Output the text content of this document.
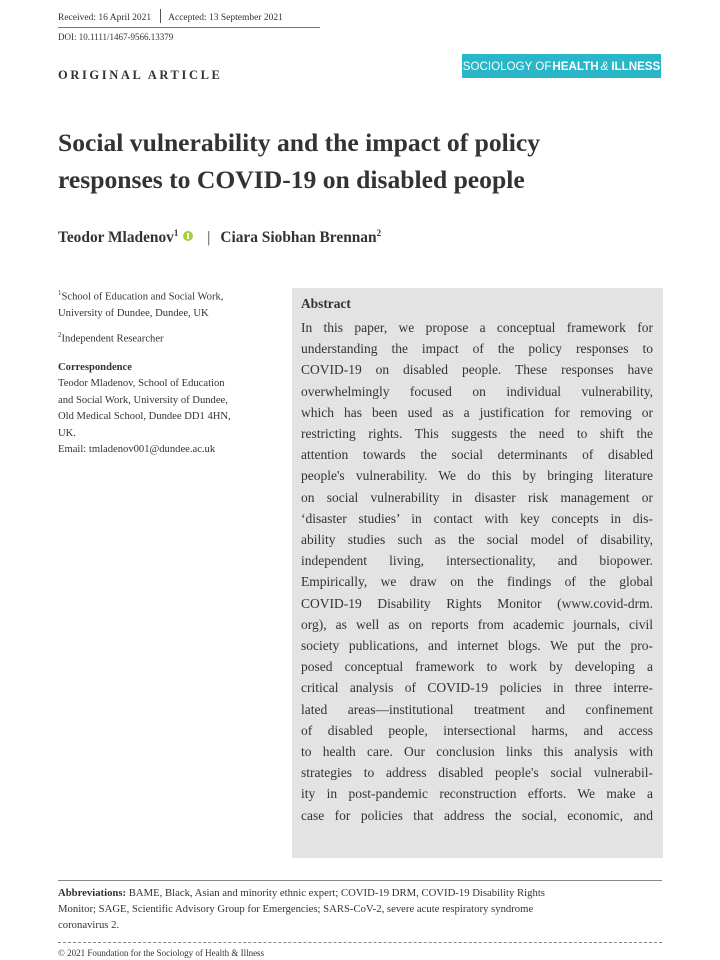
Received: 16 April 2021 Accepted: 13 September 2021
DOI: 10.1111/1467-9566.13379
ORIGINAL ARTICLE
SOCIOLOGY OF HEALTH & ILLNESS
Social vulnerability and the impact of policy
responses to COVID-19 on disabled people
Teodor Mladenov$^1$ | Ciara Siobhan Brennan$^2$

$^1$School of Education and Social Work,

University of Dundee, Dundee, UK

$^2$Independent Researcher

Correspondence

Teodor Mladenov, School of Education

and Social Work, University of Dundee,

Old Medical School, Dundee DD1 4HN,

UK.

Email: tmladenov001@dundee.ac.uk

Abstract
In this paper, we propose a conceptual framework for
understanding the impact of the policy responses to
COVID-19 on disabled people. These responses have
overwhelmingly focused on individual vulnerability,
which has been used as a justification for removing or
restricting rights. This suggests the need to shift the
attention towards the social determinants of disabled
people's vulnerability. We do this by bringing literature
on social vulnerability in disaster risk management or
‘disaster studies’ in contact with key concepts in dis-
ability studies such as the social model of disability,
independent living, intersectionality, and biopower.
Empirically, we draw on the findings of the global
COVID-19 Disability Rights Monitor (www.covid-drm.
org), as well as on reports from academic journals, civil
society publications, and internet blogs. We put the pro-
posed conceptual framework to work by developing a
critical analysis of COVID-19 policies in three interre-
lated areas—institutional treatment and confinement
of disabled people, intersectional harms, and access
to health care. Our conclusion links this analysis with
strategies to address disabled people's social vulnerabil-
ity in post-pandemic reconstruction efforts. We make a
case for policies that address the social, economic, and
Abbreviations: BAME, Black, Asian and minority ethnic expert; COVID-19 DRM, COVID-19 Disability Rights
Monitor; SAGE, Scientific Advisory Group for Emergencies; SARS-CoV-2, severe acute respiratory syndrome
coronavirus 2.
© 2021 Foundation for the Sociology of Health & Illness
